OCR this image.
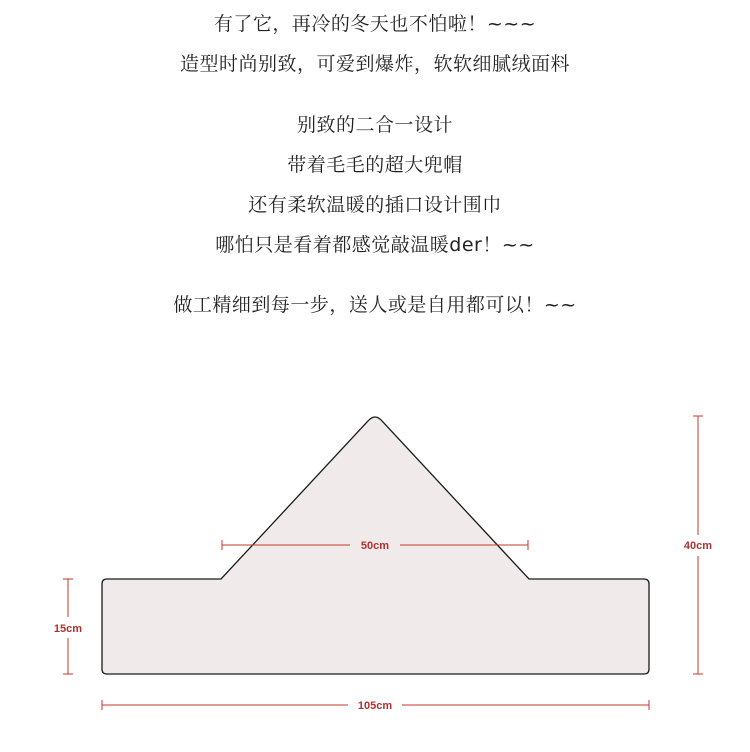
有了它，再冷的冬天也不怕啦！~~~
造型时尚别致，可爱到爆炸，软软细腻绒面料
别致的二合一设计
带着毛毛的超大兜帽
还有柔软温暖的插口设计围巾
哪怕只是看着都感觉敲温暖der！~~
做工精细到每一步，送人或是自用都可以！~~
50cm	40cm
15cm
105cm
